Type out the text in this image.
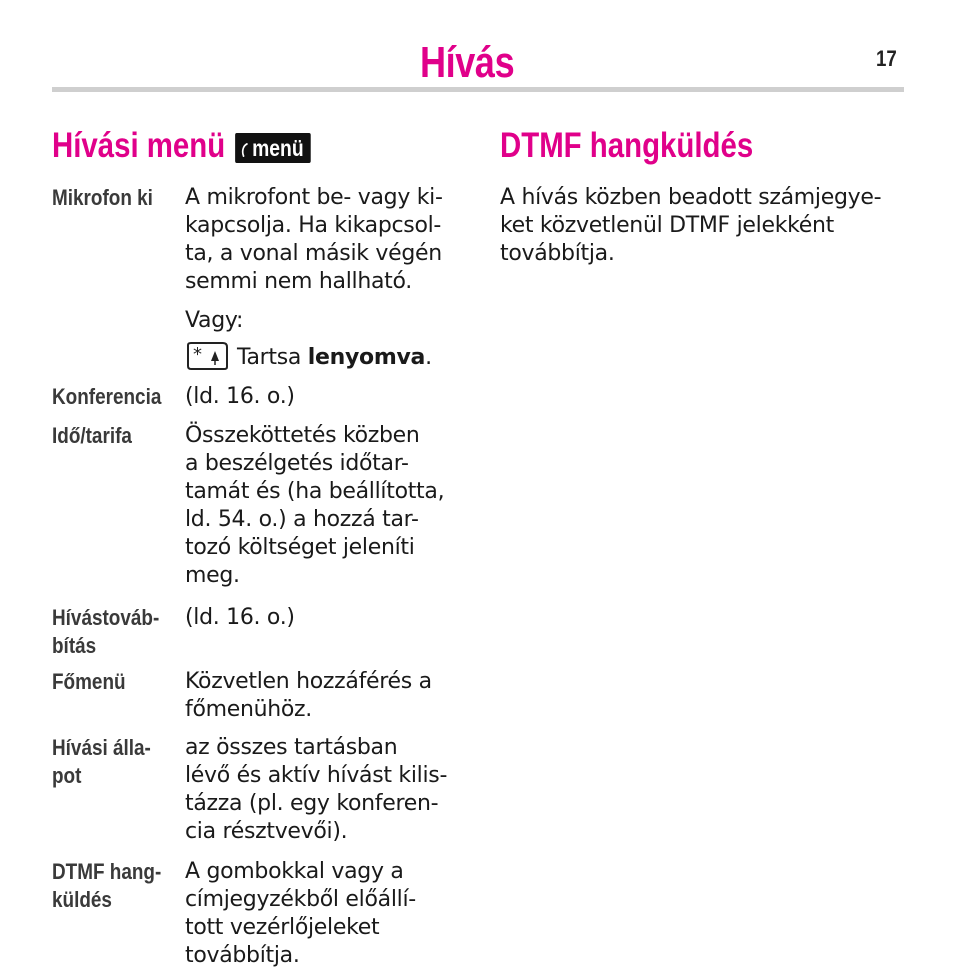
Hívás	17
Hívási menü menü
Mikrofon ki A mikrofont be- vagy ki-
kapcsolja. Ha kikapcsol-
ta, a vonal másik végén
semmi nem hallható.
Vagy:
* Tartsa lenyomva.
Konferencia (ld. 16. o.)
Idő/tarifa Összeköttetés közben
a beszélgetés időtar-
tamát és (ha beállította,
ld. 54. o.) a hozzá tar-
tozó költséget jeleníti
meg.
Hívástováb-
bítás
(ld. 16. o.)
Főmenü	Közvetlen hozzáférés a
főmenühöz.
Hívási álla-
pot
az összes tartásban
lévő és aktív hívást kilis-
tázza (pl. egy konferen-
cia résztvevői).
DTMF hang-
küldés
A gombokkal vagy a
címjegyzékből előállí-
tott vezérlőjeleket
továbbítja.
DTMF hangküldés
A hívás közben beadott számjegye-
ket közvetlenül DTMF jelekként
továbbítja.
